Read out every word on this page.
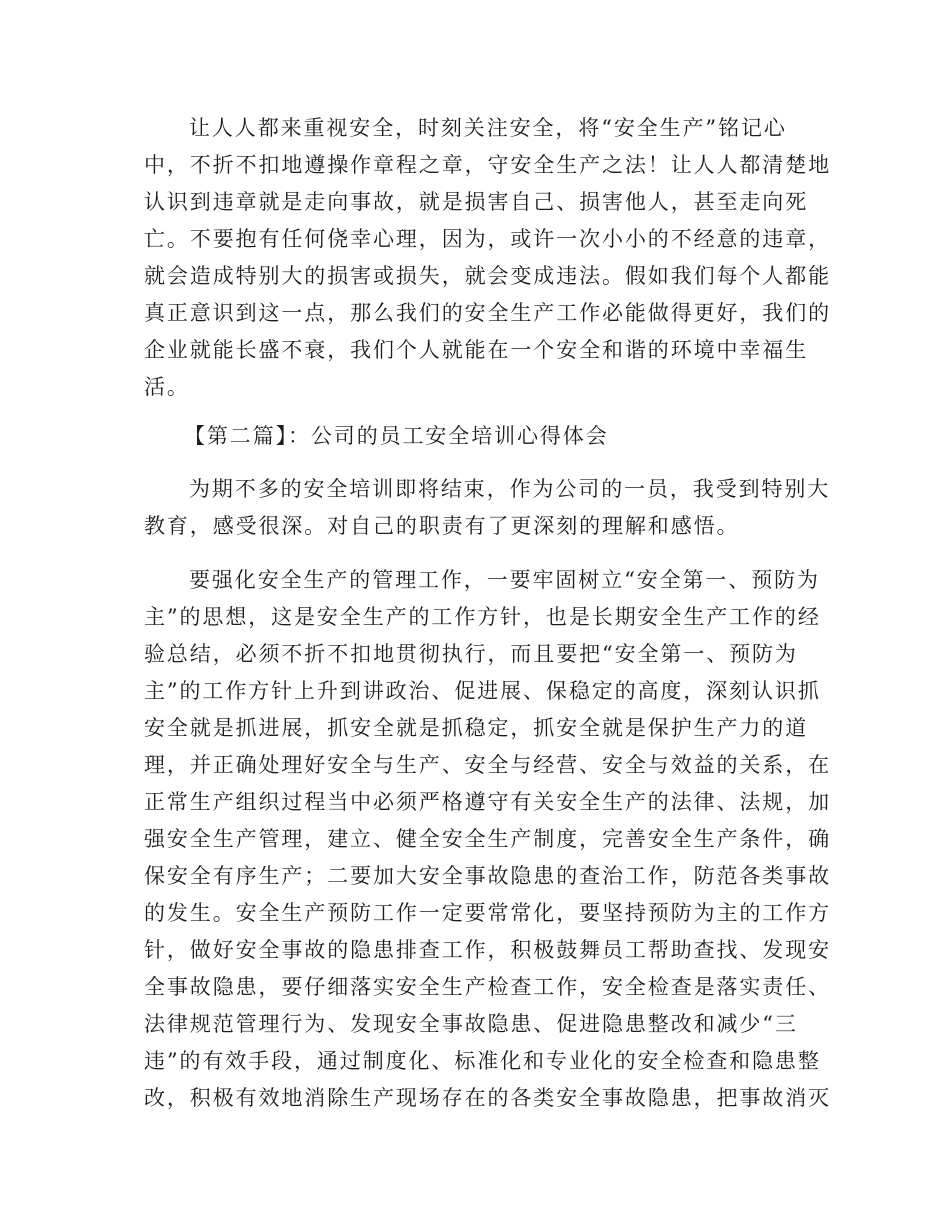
让人人都来重视安全，时刻关注安全，将“安全生产”铭记心
中，不折不扣地遵操作章程之章，守安全生产之法！让人人都清楚地
认识到违章就是走向事故，就是损害自己、损害他人，甚至走向死
亡。不要抱有任何侥幸心理，因为，或许一次小小的不经意的违章，
就会造成特别大的损害或损失，就会变成违法。假如我们每个人都能
真正意识到这一点，那么我们的安全生产工作必能做得更好，我们的
企业就能长盛不衰，我们个人就能在一个安全和谐的环境中幸福生
活。
【第二篇】：公司的员工安全培训心得体会
为期不多的安全培训即将结束，作为公司的一员，我受到特别大
教育，感受很深。对自己的职责有了更深刻的理解和感悟。
要强化安全生产的管理工作，一要牢固树立“安全第一、预防为
主”的思想，这是安全生产的工作方针，也是长期安全生产工作的经
验总结，必须不折不扣地贯彻执行，而且要把“安全第一、预防为
主”的工作方针上升到讲政治、促进展、保稳定的高度，深刻认识抓
安全就是抓进展，抓安全就是抓稳定，抓安全就是保护生产力的道
理，并正确处理好安全与生产、安全与经营、安全与效益的关系，在
正常生产组织过程当中必须严格遵守有关安全生产的法律、法规，加
强安全生产管理，建立、健全安全生产制度，完善安全生产条件，确
保安全有序生产；二要加大安全事故隐患的查治工作，防范各类事故
的发生。安全生产预防工作一定要常常化，要坚持预防为主的工作方
针，做好安全事故的隐患排查工作，积极鼓舞员工帮助查找、发现安
全事故隐患，要仔细落实安全生产检查工作，安全检查是落实责任、
法律规范管理行为、发现安全事故隐患、促进隐患整改和减少“三
违”的有效手段，通过制度化、标准化和专业化的安全检查和隐患整
改，积极有效地消除生产现场存在的各类安全事故隐患，把事故消灭
